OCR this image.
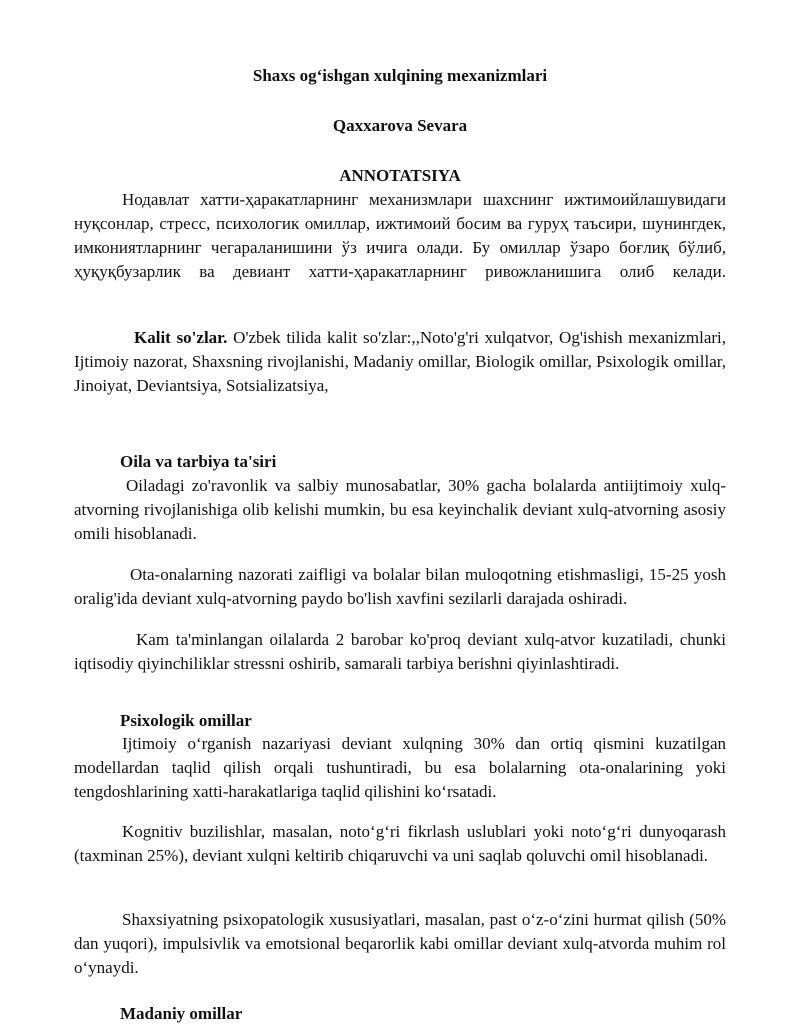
Shaxs og‘ishgan xulqining mexanizmlari
Qaxxarova Sevara
ANNOTATSIYA

Нодавлат хатти-ҳаракатларнинг механизмлари шахснинг ижтимоийлашувидаги нуқсонлар, стресс, психологик омиллар, ижтимоий босим ва гуруҳ таъсири, шунингдек, имкониятларнинг чегараланишини ўз ичига олади. Бу омиллар ўзаро боғлиқ бўлиб, ҳуқуқбузарлик ва девиант хатти-ҳаракатларнинг ривожланишига олиб келади.

Kalit so'zlar. O'zbek tilida kalit so'zlar:,,Noto'g'ri xulqatvor, Og'ishish mexanizmlari, Ijtimoiy nazorat, Shaxsning rivojlanishi, Madaniy omillar, Biologik omillar, Psixologik omillar, Jinoiyat, Deviantsiya, Sotsializatsiya,

Oila va tarbiya ta'siri

Oiladagi zo'ravonlik va salbiy munosabatlar, 30% gacha bolalarda antiijtimoiy xulq-atvorning rivojlanishiga olib kelishi mumkin, bu esa keyinchalik deviant xulq-atvorning asosiy omili hisoblanadi.

Ota-onalarning nazorati zaifligi va bolalar bilan muloqotning etishmasligi, 15-25 yosh oralig'ida deviant xulq-atvorning paydo bo'lish xavfini sezilarli darajada oshiradi.

Kam ta'minlangan oilalarda 2 barobar ko'proq deviant xulq-atvor kuzatiladi, chunki iqtisodiy qiyinchiliklar stressni oshirib, samarali tarbiya berishni qiyinlashtiradi.

Psixologik omillar

Ijtimoiy o‘rganish nazariyasi deviant xulqning 30% dan ortiq qismini kuzatilgan modellardan taqlid qilish orqali tushuntiradi, bu esa bolalarning ota-onalarining yoki tengdoshlarining xatti-harakatlariga taqlid qilishini ko‘rsatadi.

Kognitiv buzilishlar, masalan, noto‘g‘ri fikrlash uslublari yoki noto‘g‘ri dunyoqarash (taxminan 25%), deviant xulqni keltirib chiqaruvchi va uni saqlab qoluvchi omil hisoblanadi.

Shaxsiyatning psixopatologik xususiyatlari, masalan, past o‘z-o‘zini hurmat qilish (50% dan yuqori), impulsivlik va emotsional beqarorlik kabi omillar deviant xulq-atvorda muhim rol o‘ynaydi.

Madaniy omillar
